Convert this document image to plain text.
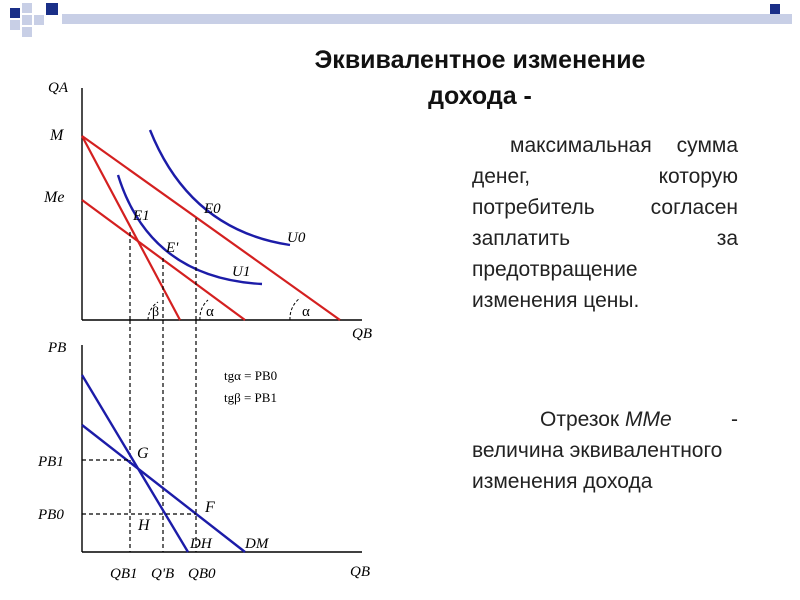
Эквивалентное изменение
дохода -
максимальная сумма денег, которую потребитель согласен заплатить за предотвращение изменения цены.
Отрезок MMe	-
величина эквивалентного изменения дохода
QA
QB
M
Me
E1	E0
E'
U0
U1
β	α	α
PB
QB
PB1
PB0
G
F
H
DH DM
QB1 Q'B QB0
tgα = PB0
tgβ = PB1
